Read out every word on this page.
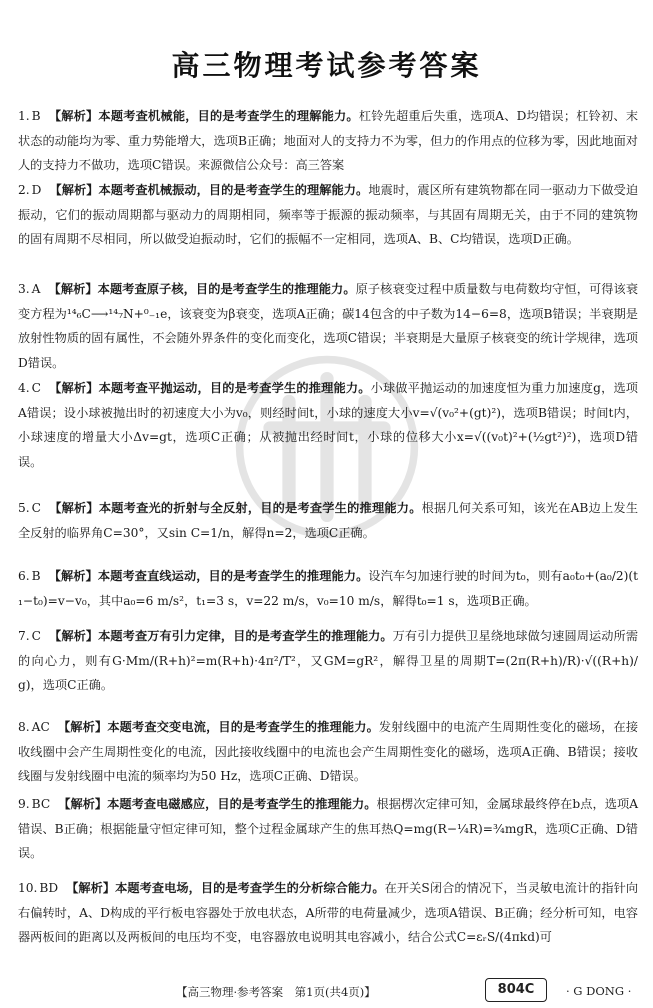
高三物理考试参考答案
1. B 【解析】本题考查机械能，目的是考查学生的理解能力。杠铃先超重后失重，选项A、D均错误；杠铃初、末状态的动能均为零、重力势能增大，选项B正确；地面对人的支持力不为零，但力的作用点的位移为零，因此地面对人的支持力不做功，选项C错误。来源微信公众号：高三答案
2. D 【解析】本题考查机械振动，目的是考查学生的理解能力。地震时，震区所有建筑物都在同一驱动力下做受迫振动，它们的振动周期都与驱动力的周期相同，频率等于振源的振动频率，与其固有周期无关，由于不同的建筑物的固有周期不尽相同，所以做受迫振动时，它们的振幅不一定相同，选项A、B、C均错误，选项D正确。
3. A 【解析】本题考查原子核，目的是考查学生的推理能力。原子核衰变过程中质量数与电荷数均守恒，可得该衰变方程为¹⁴₆C⟶¹⁴₇N+⁰₋₁e，该衰变为β衰变，选项A正确；碳14包含的中子数为14−6=8，选项B错误；半衰期是放射性物质的固有属性，不会随外界条件的变化而变化，选项C错误；半衰期是大量原子核衰变的统计学规律，选项D错误。
4. C 【解析】本题考查平抛运动，目的是考查学生的推理能力。小球做平抛运动的加速度恒为重力加速度g，选项A错误；设小球被抛出时的初速度大小为v₀，则经时间t，小球的速度大小v=√(v₀²+(gt)²)，选项B错误；时间t内，小球速度的增量大小Δv=gt，选项C正确；从被抛出经时间t，小球的位移大小x=√((v₀t)²+(½gt²)²)，选项D错误。
5. C 【解析】本题考查光的折射与全反射，目的是考查学生的推理能力。根据几何关系可知，该光在AB边上发生全反射的临界角C=30°，又sin C=1/n，解得n=2，选项C正确。
6. B 【解析】本题考查直线运动，目的是考查学生的推理能力。设汽车匀加速行驶的时间为t₀，则有a₀t₀+(a₀/2)(t₁−t₀)=v−v₀，其中a₀=6 m/s²，t₁=3 s，v=22 m/s，v₀=10 m/s，解得t₀=1 s，选项B正确。
7. C 【解析】本题考查万有引力定律，目的是考查学生的推理能力。万有引力提供卫星绕地球做匀速圆周运动所需的向心力，则有G·Mm/(R+h)²=m(R+h)·4π²/T²，又GM=gR²，解得卫星的周期T=(2π(R+h)/R)·√((R+h)/g)，选项C正确。
8. AC 【解析】本题考查交变电流，目的是考查学生的推理能力。发射线圈中的电流产生周期性变化的磁场，在接收线圈中会产生周期性变化的电流，因此接收线圈中的电流也会产生周期性变化的磁场，选项A正确、B错误；接收线圈与发射线圈中电流的频率均为50 Hz，选项C正确、D错误。
9. BC 【解析】本题考查电磁感应，目的是考查学生的推理能力。根据楞次定律可知，金属球最终停在b点，选项A错误、B正确；根据能量守恒定律可知，整个过程金属球产生的焦耳热Q=mg(R−¼R)=¾mgR，选项C正确、D错误。
10. BD 【解析】本题考查电场，目的是考查学生的分析综合能力。在开关S闭合的情况下，当灵敏电流计的指针向右偏转时，A、D构成的平行板电容器处于放电状态，A所带的电荷量减少，选项A错误、B正确；经分析可知，电容器两板间的距离以及两板间的电压均不变，电容器放电说明其电容减小，结合公式C=εᵣS/(4πkd)可
【高三物理·参考答案　第1页(共4页)】	804C	· G DONG ·
